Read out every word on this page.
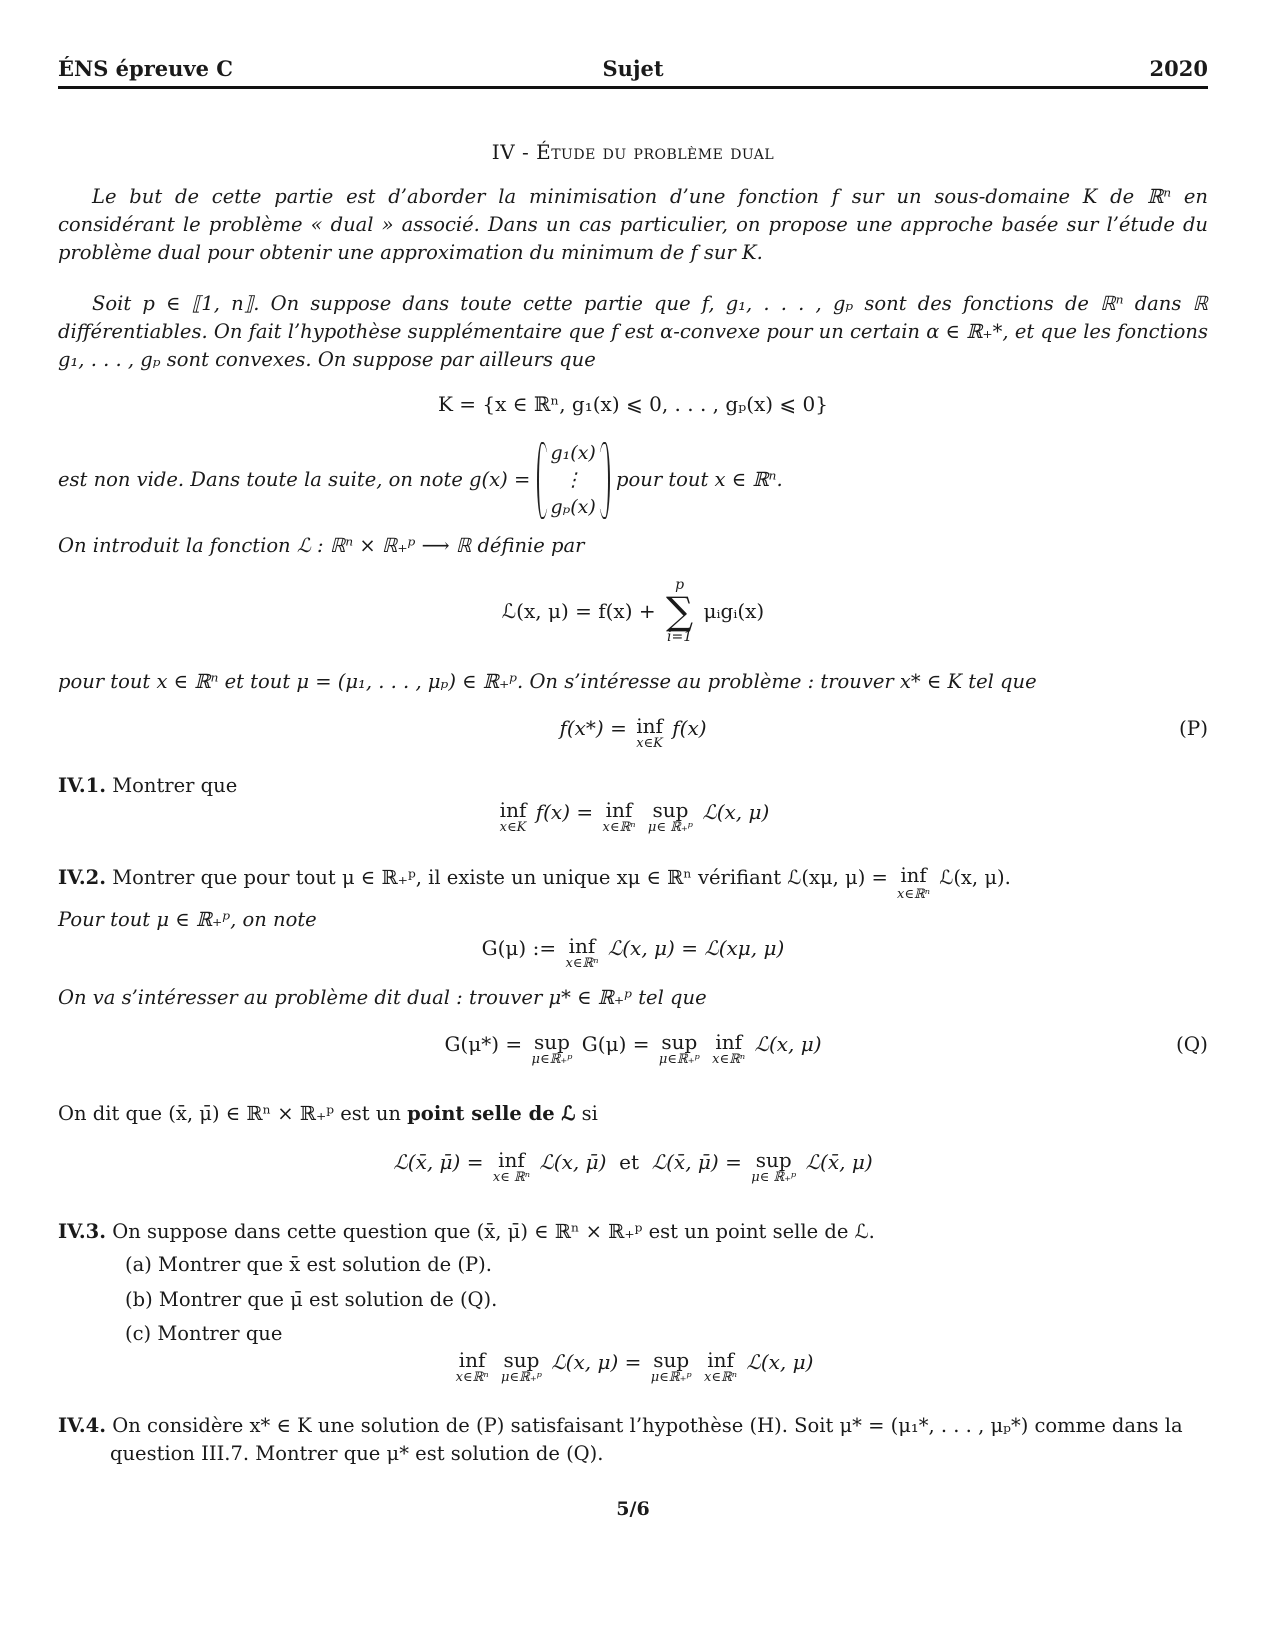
ÉNS épreuve C	Sujet	2020
IV - Étude du problème dual
Le but de cette partie est d’aborder la minimisation d’une fonction f sur un sous-domaine K de ℝⁿ en considérant le problème « dual » associé. Dans un cas particulier, on propose une approche basée sur l’étude du problème dual pour obtenir une approximation du minimum de f sur K.
Soit p ∈ ⟦1, n⟧. On suppose dans toute cette partie que f, g₁, . . . , gₚ sont des fonctions de ℝⁿ dans ℝ différentiables. On fait l’hypothèse supplémentaire que f est α-convexe pour un certain α ∈ ℝ₊*, et que les fonctions g₁, . . . , gₚ sont convexes. On suppose par ailleurs que
K = {x ∈ ℝⁿ, g₁(x) ⩽ 0, . . . , gₚ(x) ⩽ 0}
est non vide. Dans toute la suite, on note g(x) =
g₁(x)
⋮
gₚ(x)
pour tout x ∈ ℝⁿ.
On introduit la fonction ℒ : ℝⁿ × ℝ₊ᵖ ⟶ ℝ définie par
ℒ(x, μ) = f(x) +
p
∑
i=1
μᵢgᵢ(x)
pour tout x ∈ ℝⁿ et tout μ = (μ₁, . . . , μₚ) ∈ ℝ₊ᵖ. On s’intéresse au problème : trouver x* ∈ K tel que
f(x*) = inf
x∈K
f(x)	(P)
IV.1. Montrer que
inf
x∈K
f(x) = inf
x∈ℝⁿ
sup
μ∈ ℝ₊ᵖ
ℒ(x, μ)
IV.2. Montrer que pour tout μ ∈ ℝ₊ᵖ, il existe un unique xμ ∈ ℝⁿ vérifiant ℒ(xμ, μ) = inf
x∈ℝⁿ
ℒ(x, μ).
Pour tout μ ∈ ℝ₊ᵖ, on note
G(μ) := inf
x∈ℝⁿ
ℒ(x, μ) = ℒ(xμ, μ)
On va s’intéresser au problème dit dual : trouver μ* ∈ ℝ₊ᵖ tel que
G(μ*) = sup
μ∈ℝ₊ᵖ
G(μ) = sup
μ∈ℝ₊ᵖ
inf
x∈ℝⁿ
ℒ(x, μ)	(Q)
On dit que (x̄, μ̄) ∈ ℝⁿ × ℝ₊ᵖ est un point selle de ℒ si
ℒ(x̄, μ̄) = inf
x∈ ℝⁿ
ℒ(x, μ̄) et ℒ(x̄, μ̄) = sup
μ∈ ℝ₊ᵖ
ℒ(x̄, μ)
IV.3. On suppose dans cette question que (x̄, μ̄) ∈ ℝⁿ × ℝ₊ᵖ est un point selle de ℒ.
(a) Montrer que x̄ est solution de (P).
(b) Montrer que μ̄ est solution de (Q).
(c) Montrer que
inf
x∈ℝⁿ
sup
μ∈ℝ₊ᵖ
ℒ(x, μ) = sup
μ∈ℝ₊ᵖ
inf
x∈ℝⁿ
ℒ(x, μ)
IV.4. On considère x* ∈ K une solution de (P) satisfaisant l’hypothèse (H). Soit μ* = (μ₁*, . . . , μₚ*) comme dans la
question III.7. Montrer que μ* est solution de (Q).
5/6
